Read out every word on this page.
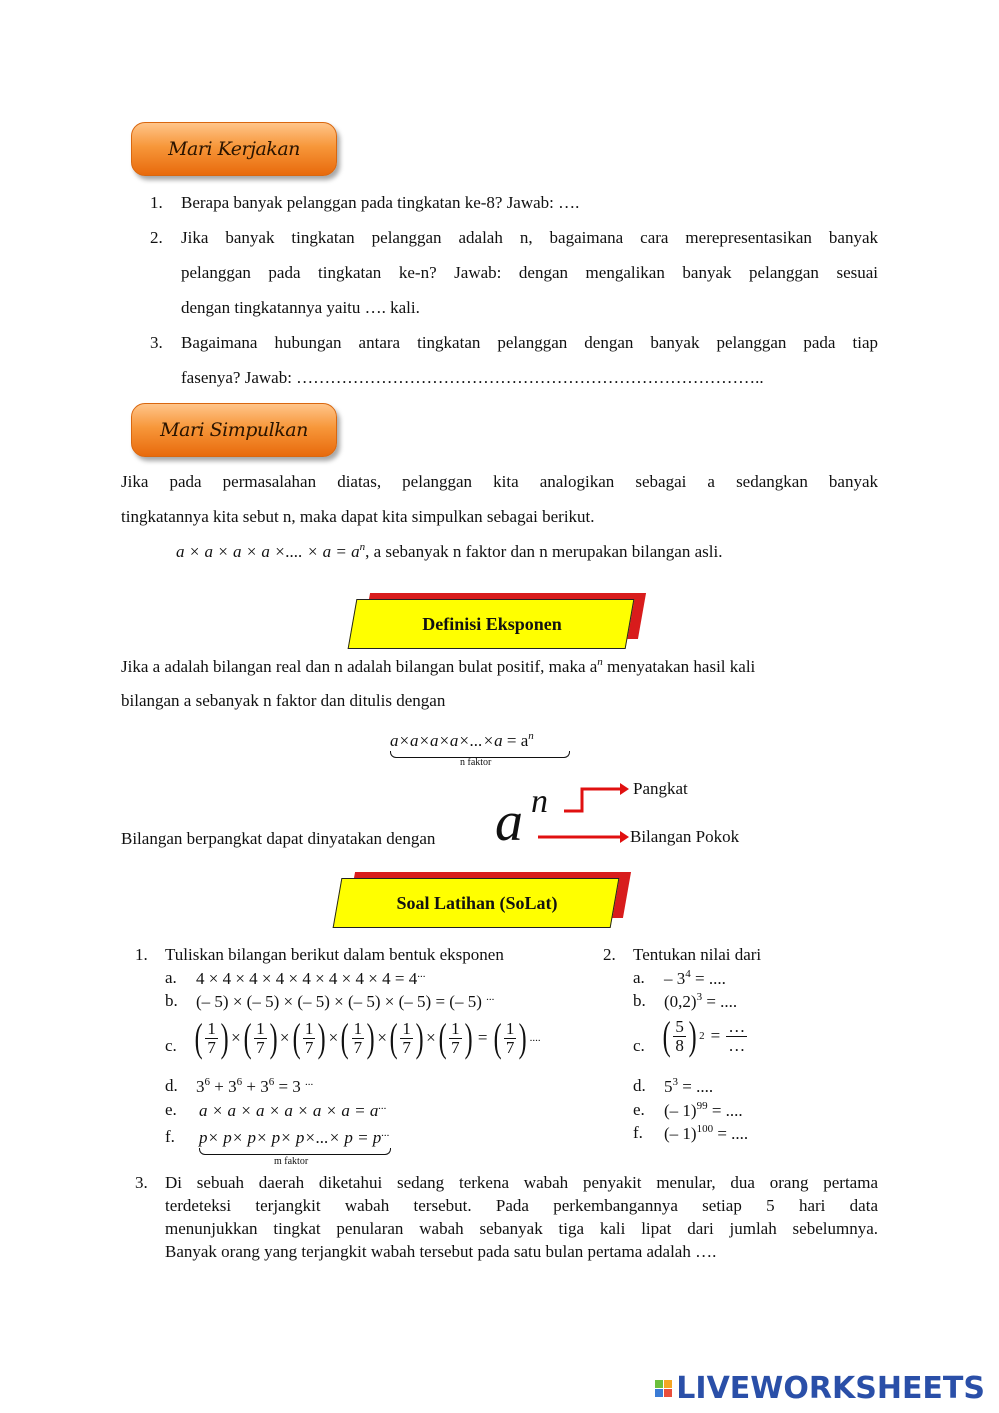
Mari Kerjakan
1. Berapa banyak pelanggan pada tingkatan ke-8? Jawab: ….
2. Jika banyak tingkatan pelanggan adalah n, bagaimana cara merepresentasikan banyak
pelanggan pada tingkatan ke-n? Jawab: dengan mengalikan banyak pelanggan sesuai
dengan tingkatannya yaitu …. kali.
3. Bagaimana hubungan antara tingkatan pelanggan dengan banyak pelanggan pada tiap
fasenya? Jawab: ………………………………………………………………………..
Mari Simpulkan
Jika pada permasalahan diatas, pelanggan kita analogikan sebagai a sedangkan banyak
tingkatannya kita sebut n, maka dapat kita simpulkan sebagai berikut.
a × a × a × a ×.... × $a = a^n$, a sebanyak n faktor dan n merupakan bilangan asli.
Definisi Eksponen
Jika a adalah bilangan real dan n adalah bilangan bulat positif, maka $a^n$ menyatakan hasil kali
bilangan a sebanyak n faktor dan ditulis dengan
$a\times a\times a\times a\times...\times a = a^n$
n faktor
Bilangan berpangkat dapat dinyatakan dengan a n	Pangkat
Bilangan Pokok
Soal Latihan (SoLat)
1. Tuliskan bilangan berikut dalam bentuk eksponen
a. 4 × 4 × 4 × 4 × 4 × 4 × 4 × 4 = 4...
b. (– 5) × (– 5) × (– 5) × (– 5) × (– 5) = (– 5) ...
c. ( $\frac{1}{7}$ ) × ( $\frac{1}{7}$ ) × ( $\frac{1}{7}$ ) × ( $\frac{1}{7}$ ) × ( $\frac{1}{7}$ ) × ( $\frac{1}{7}$ ) = ( $\frac{1}{7}$ ) ....
d. $3^6 + 3^6 + 3^6 = 3$ ...
e. a × a × a × a × a × a = a...
f. p× p× p× p× p×...× p = p...
m faktor
2. Tentukan nilai dari
a. – $3^4$ = ....
b. $(0,2)^3$ = ....
c. ( $\frac{5}{8}$ ) $2 = \frac{\dots}{\dots}$
d. $5^3$ = ....
e. (– 1)$^{99}$ = ....
f. (– 1)$^{100}$ = ....
3. Di sebuah daerah diketahui sedang terkena wabah penyakit menular, dua orang pertama
terdeteksi terjangkit wabah tersebut. Pada perkembangannya setiap 5 hari data
menunjukkan tingkat penularan wabah sebanyak tiga kali lipat dari jumlah sebelumnya.
Banyak orang yang terjangkit wabah tersebut pada satu bulan pertama adalah ….
LIVEWORKSHEETS
